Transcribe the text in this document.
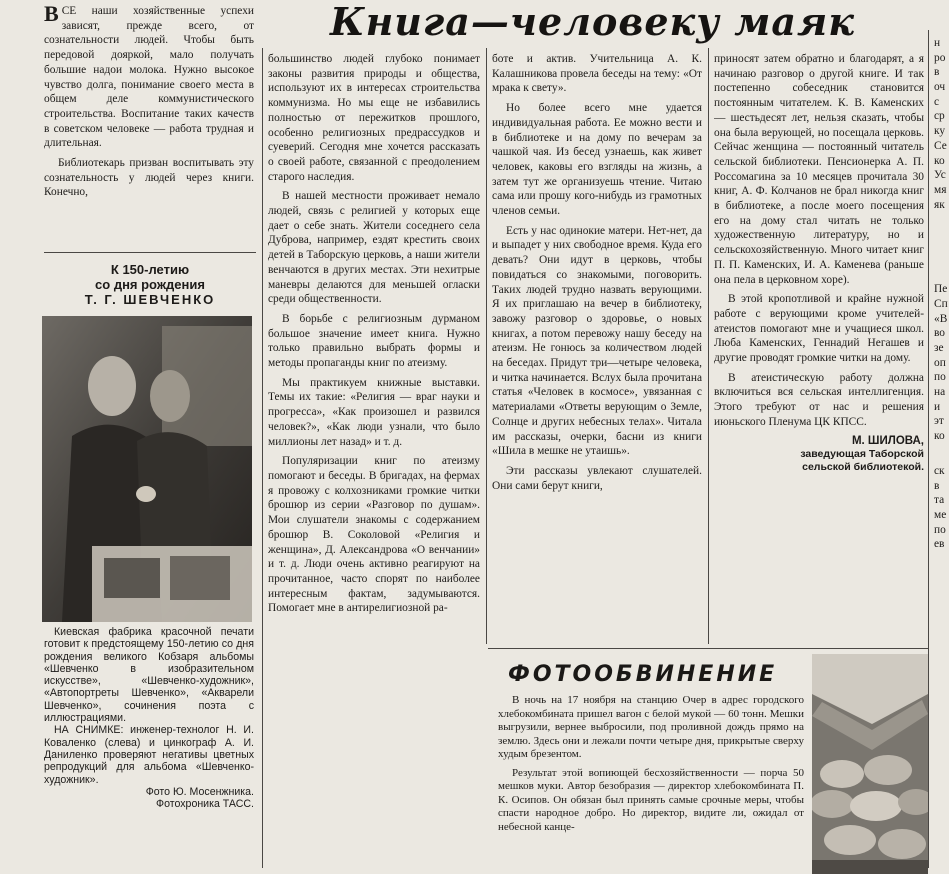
Книга—человеку маяк

ВСЕ наши хозяйственные успехи зависят, прежде всего, от сознательности людей. Чтобы быть передовой дояркой, мало получать большие надои молока. Нужно высокое чувство долга, понимание своего места в общем деле коммунистического строительства. Воспитание таких качеств в советском человеке — работа трудная и длительная.

Библиотекарь призван воспитывать эту сознательность у людей через книги. Конечно,

К 150-летию
со дня рождения
Т. Г. ШЕВЧЕНКО

Киевская фабрика красочной печати готовит к предстоящему 150-летию со дня рождения великого Кобзаря альбомы «Шевченко в изобразительном искусстве», «Шевченко-художник», «Автопортреты Шевченко», «Акварели Шевченко», сочинения поэта с иллюстрациями.

НА СНИМКЕ: инженер-технолог Н. И. Коваленко (слева) и цинкограф А. И. Даниленко проверяют негативы цветных репродукций для альбома «Шевченко-художник».

Фото Ю. Мосенжника.

Фотохроника ТАСС.

большинство людей глубоко понимает законы развития природы и общества, используют их в интересах строительства коммунизма. Но мы еще не избавились полностью от пережитков прошлого, особенно религиозных предрассудков и суеверий. Сегодня мне хочется рассказать о своей работе, связанной с преодолением старого наследия.

В нашей местности проживает немало людей, связь с религией у которых еще дает о себе знать. Жители соседнего села Дуброва, например, ездят крестить своих детей в Таборскую церковь, а наши жители венчаются в других местах. Эти нехитрые маневры делаются для меньшей огласки среди общественности.

В борьбе с религиозным дурманом большое значение имеет книга. Нужно только правильно выбрать формы и методы пропаганды книг по атеизму.

Мы практикуем книжные выставки. Темы их такие: «Религия — враг науки и прогресса», «Как произошел и развился человек?», «Как люди узнали, что было миллионы лет назад» и т. д.

Популяризации книг по атеизму помогают и беседы. В бригадах, на фермах я провожу с колхозниками громкие читки брошюр из серии «Разговор по душам». Мои слушатели знакомы с содержанием брошюр В. Соколовой «Религия и женщина», Д. Александрова «О венчании» и т. д. Люди очень активно реагируют на прочитанное, часто спорят по наиболее интересным фактам, задумываются. Помогает мне в антирелигиозной ра-

боте и актив. Учительница А. К. Калашникова провела беседы на тему: «От мрака к свету».

Но более всего мне удается индивидуальная работа. Ее можно вести и в библиотеке и на дому по вечерам за чашкой чая. Из бесед узнаешь, как живет человек, каковы его взгляды на жизнь, а затем тут же организуешь чтение. Читаю сама или прошу кого-нибудь из грамотных членов семьи.

Есть у нас одинокие матери. Нет-нет, да и выпадет у них свободное время. Куда его девать? Они идут в церковь, чтобы повидаться со знакомыми, поговорить. Таких людей трудно назвать верующими. Я их приглашаю на вечер в библиотеку, завожу разговор о здоровье, о новых книгах, а потом перевожу нашу беседу на атеизм. Не гонюсь за количеством людей на беседах. Придут три—четыре человека, и читка начинается. Вслух была прочитана статья «Человек в космосе», увязанная с материалами «Ответы верующим о Земле, Солнце и других небесных телах». Читала им рассказы, очерки, басни из книги «Шила в мешке не утаишь».

Эти рассказы увлекают слушателей. Они сами берут книги,

приносят затем обратно и благодарят, а я начинаю разговор о другой книге. И так постепенно собеседник становится постоянным читателем. К. В. Каменских — шестьдесят лет, нельзя сказать, чтобы она была верующей, но посещала церковь. Сейчас женщина — постоянный читатель сельской библиотеки. Пенсионерка А. П. Россомагина за 10 месяцев прочитала 30 книг, А. Ф. Колчанов не брал никогда книг в библиотеке, а после моего посещения его на дому стал читать не только художественную литературу, но и сельскохозяйственную. Много читает книг П. П. Каменских, И. А. Каменева (раньше она пела в церковном хоре).

В этой кропотливой и крайне нужной работе с верующими кроме учителей-атеистов помогают мне и учащиеся школ. Люба Каменских, Геннадий Негашев и другие проводят громкие читки на дому.

В атеистическую работу должна включиться вся сельская интеллигенция. Этого требуют от нас и решения июньского Пленума ЦК КПСС.

М. ШИЛОВА,
заведующая Таборской
сельской библиотекой.
ФОТООБВИНЕНИЕ

В ночь на 17 ноября на станцию Очер в адрес городского хлебокомбината пришел вагон с белой мукой — 60 тонн. Мешки выгрузили, вернее выбросили, под проливной дождь прямо на землю. Здесь они и лежали почти четыре дня, прикрытые сверху худым брезентом.

Результат этой вопиющей бесхозяйственности — порча 50 мешков муки. Автор безобразия — директор хлебокомбината П. К. Осипов. Он обязан был принять самые срочные меры, чтобы спасти народное добро. Но директор, видите ли, ожидал от небесной канце-

н
ро
в
оч
с
ср
ку
Се
ко
Ус
мя
як
Пе
Сп
«В
во
зе
оп
по
на
и
эт
ко
ск
в
та
ме
по
ев
